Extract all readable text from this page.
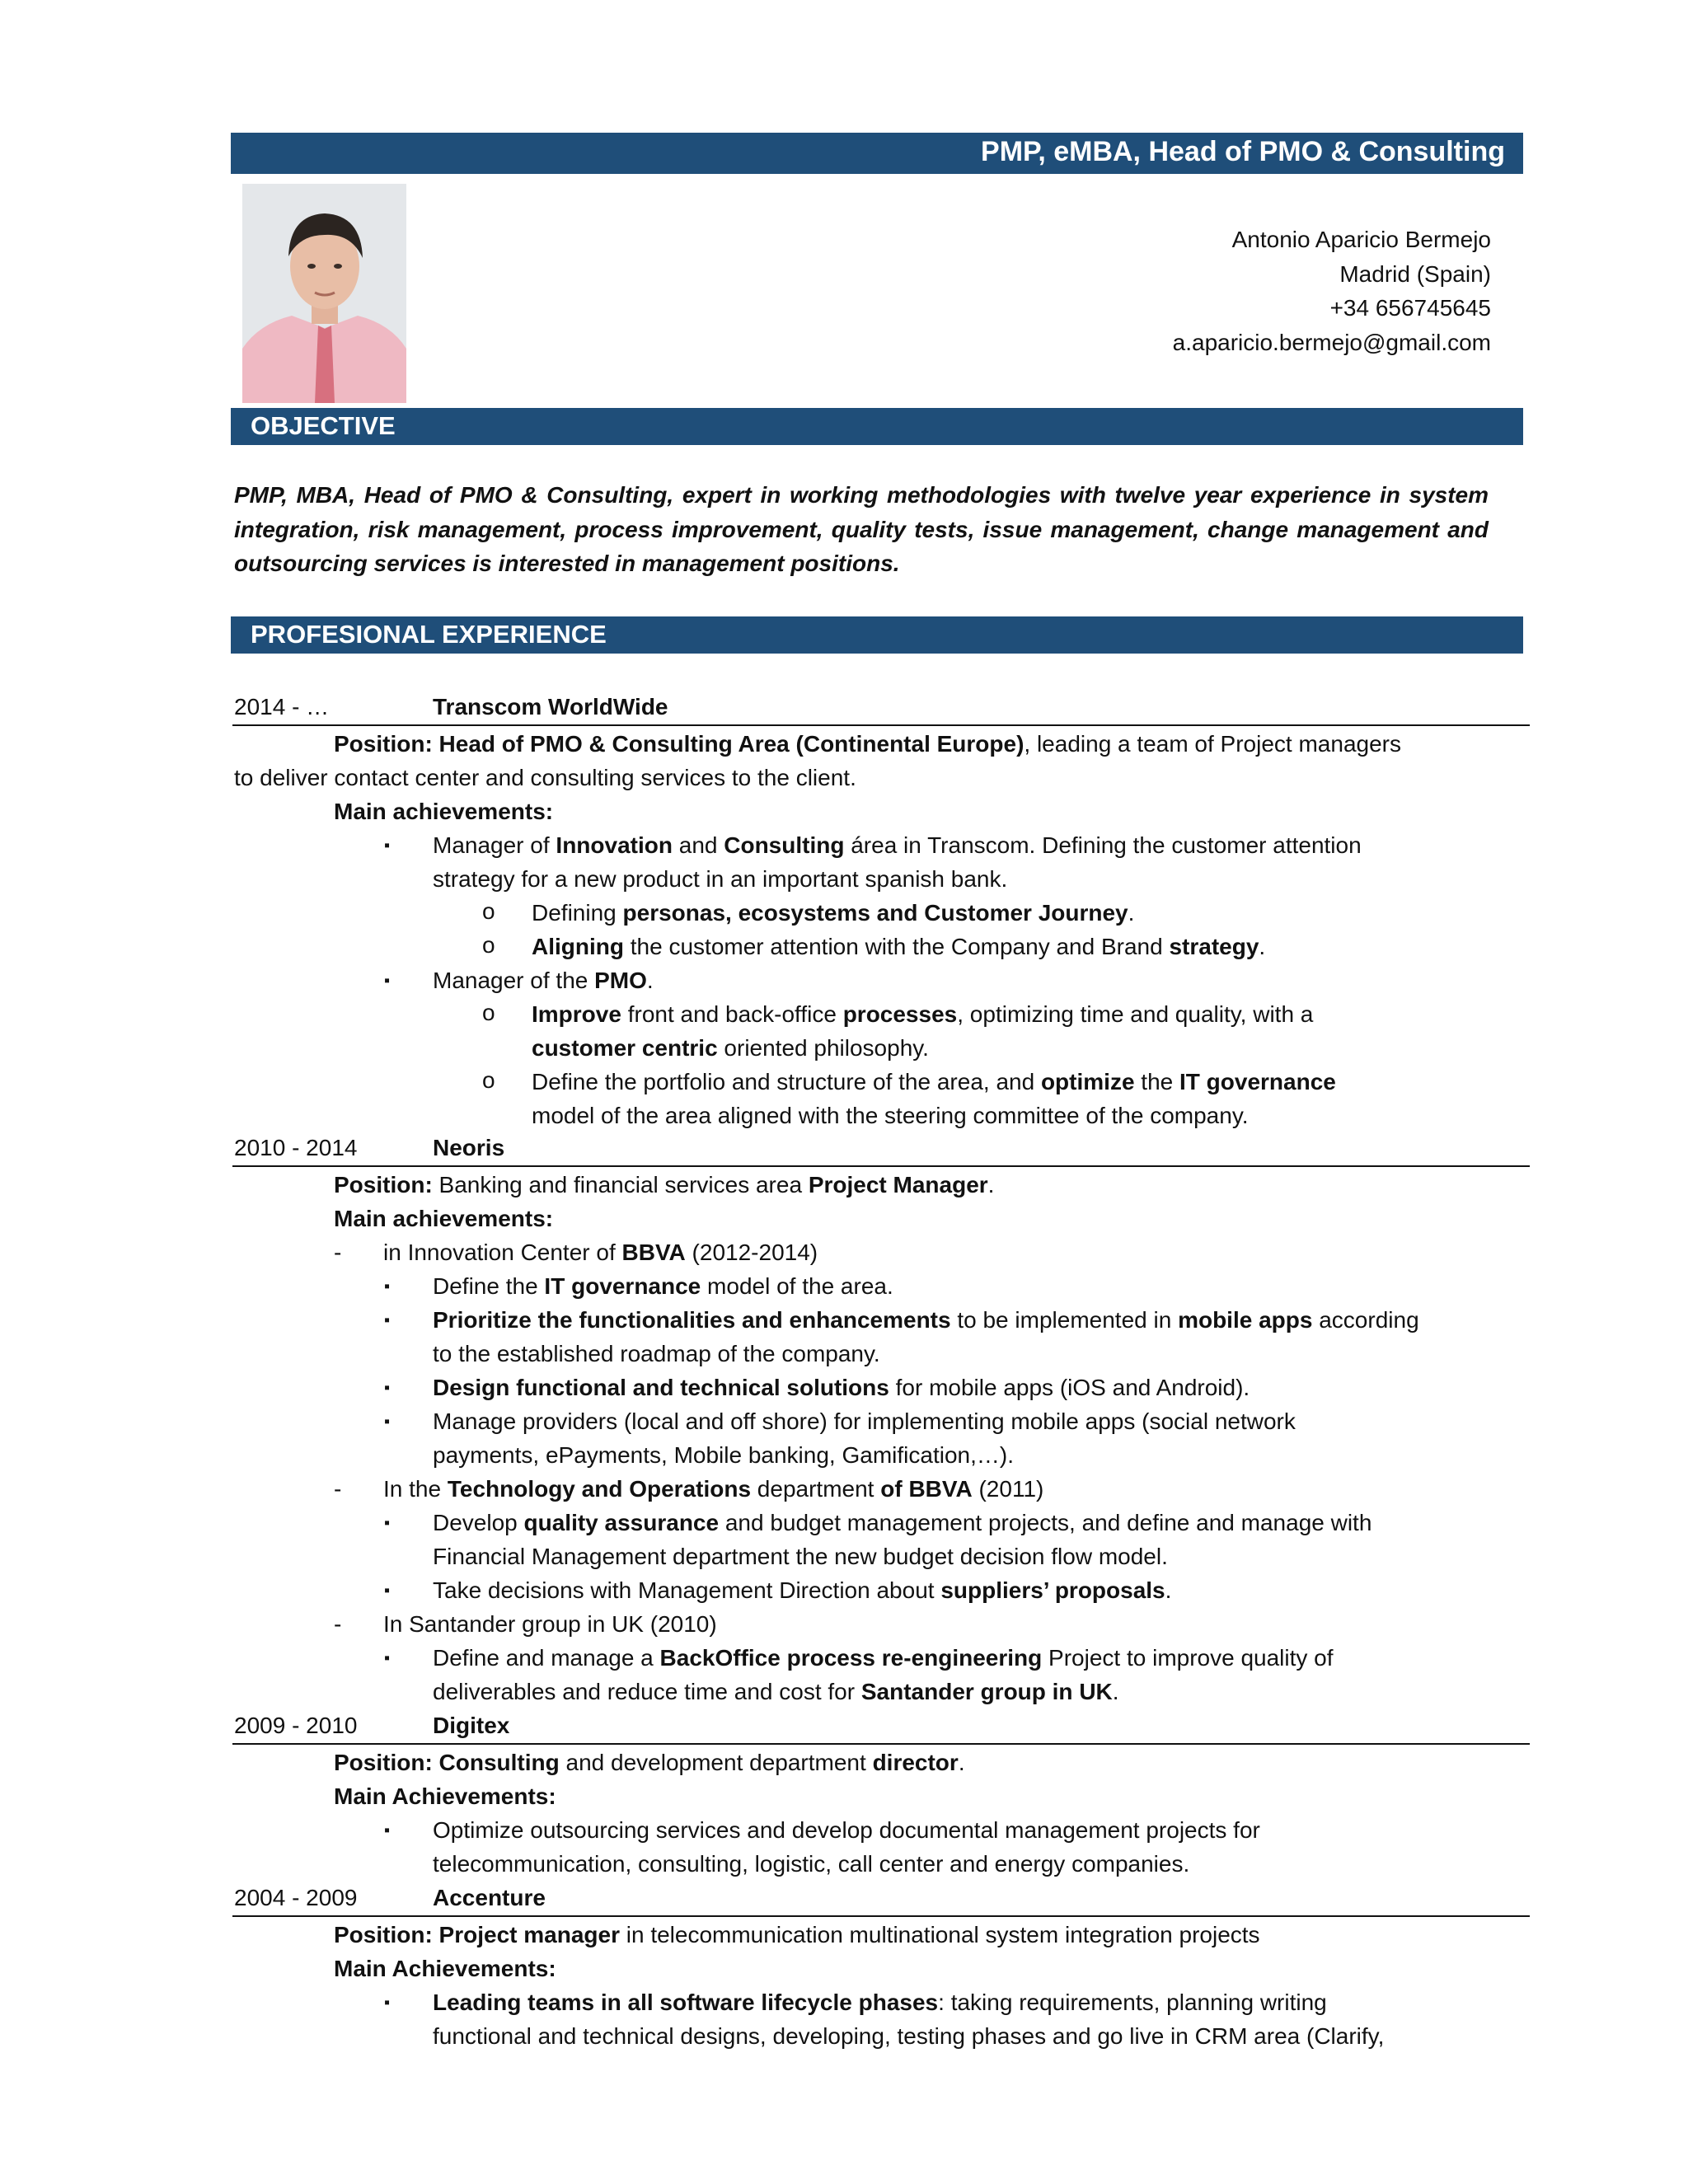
PMP, eMBA, Head of PMO & Consulting
Antonio Aparicio Bermejo
Madrid (Spain)
+34 656745645
a.aparicio.bermejo@gmail.com
OBJECTIVE
PMP, MBA, Head of PMO & Consulting, expert in working methodologies with twelve year experience in system integration, risk management, process improvement, quality tests, issue management, change management and outsourcing services is interested in management positions.
PROFESIONAL EXPERIENCE
2014 - …	Transcom WorldWide
Position: Head of PMO & Consulting Area (Continental Europe), leading a team of Project managers
to deliver contact center and consulting services to the client.
Main achievements:
▪ Manager of Innovation and Consulting área in Transcom. Defining the customer attention
strategy for a new product in an important spanish bank.
o Defining personas, ecosystems and Customer Journey.
o Aligning the customer attention with the Company and Brand strategy.
▪ Manager of the PMO.
o Improve front and back-office processes, optimizing time and quality, with a
customer centric oriented philosophy.
o Define the portfolio and structure of the area, and optimize the IT governance
model of the area aligned with the steering committee of the company.
2010 - 2014	Neoris
Position: Banking and financial services area Project Manager.
Main achievements:
- in Innovation Center of BBVA (2012-2014)
▪ Define the IT governance model of the area.
▪ Prioritize the functionalities and enhancements to be implemented in mobile apps according
to the established roadmap of the company.
▪ Design functional and technical solutions for mobile apps (iOS and Android).
▪ Manage providers (local and off shore) for implementing mobile apps (social network
payments, ePayments, Mobile banking, Gamification,…).
- In the Technology and Operations department of BBVA (2011)
▪ Develop quality assurance and budget management projects, and define and manage with
Financial Management department the new budget decision flow model.
▪ Take decisions with Management Direction about suppliers’ proposals.
- In Santander group in UK (2010)
▪ Define and manage a BackOffice process re-engineering Project to improve quality of
deliverables and reduce time and cost for Santander group in UK.
2009 - 2010	Digitex
Position: Consulting and development department director.
Main Achievements:
▪ Optimize outsourcing services and develop documental management projects for
telecommunication, consulting, logistic, call center and energy companies.
2004 - 2009	Accenture
Position: Project manager in telecommunication multinational system integration projects
Main Achievements:
▪ Leading teams in all software lifecycle phases: taking requirements, planning writing
functional and technical designs, developing, testing phases and go live in CRM area (Clarify,
